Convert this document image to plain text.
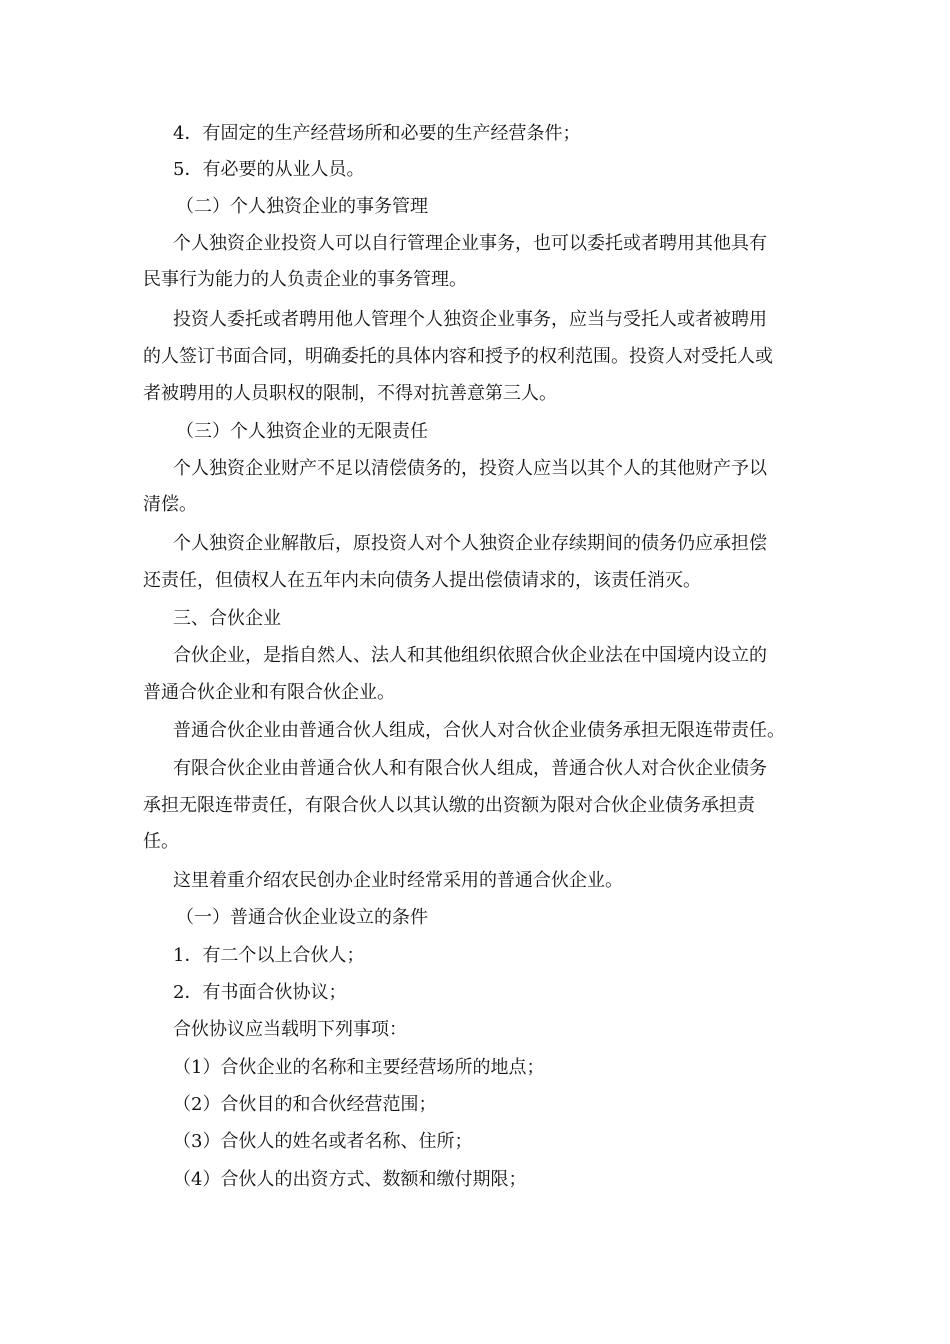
4．有固定的生产经营场所和必要的生产经营条件；
5．有必要的从业人员。
（二）个人独资企业的事务管理
个人独资企业投资人可以自行管理企业事务，也可以委托或者聘用其他具有
民事行为能力的人负责企业的事务管理。
投资人委托或者聘用他人管理个人独资企业事务，应当与受托人或者被聘用
的人签订书面合同，明确委托的具体内容和授予的权利范围。投资人对受托人或
者被聘用的人员职权的限制，不得对抗善意第三人。
（三）个人独资企业的无限责任
个人独资企业财产不足以清偿债务的，投资人应当以其个人的其他财产予以
清偿。
个人独资企业解散后，原投资人对个人独资企业存续期间的债务仍应承担偿
还责任，但债权人在五年内未向债务人提出偿债请求的，该责任消灭。
三、合伙企业
合伙企业，是指自然人、法人和其他组织依照合伙企业法在中国境内设立的
普通合伙企业和有限合伙企业。
普通合伙企业由普通合伙人组成，合伙人对合伙企业债务承担无限连带责任。
有限合伙企业由普通合伙人和有限合伙人组成，普通合伙人对合伙企业债务
承担无限连带责任，有限合伙人以其认缴的出资额为限对合伙企业债务承担责
任。
这里着重介绍农民创办企业时经常采用的普通合伙企业。
（一）普通合伙企业设立的条件
1．有二个以上合伙人；
2．有书面合伙协议；
合伙协议应当载明下列事项：
（1）合伙企业的名称和主要经营场所的地点；
（2）合伙目的和合伙经营范围；
（3）合伙人的姓名或者名称、住所；
（4）合伙人的出资方式、数额和缴付期限；
